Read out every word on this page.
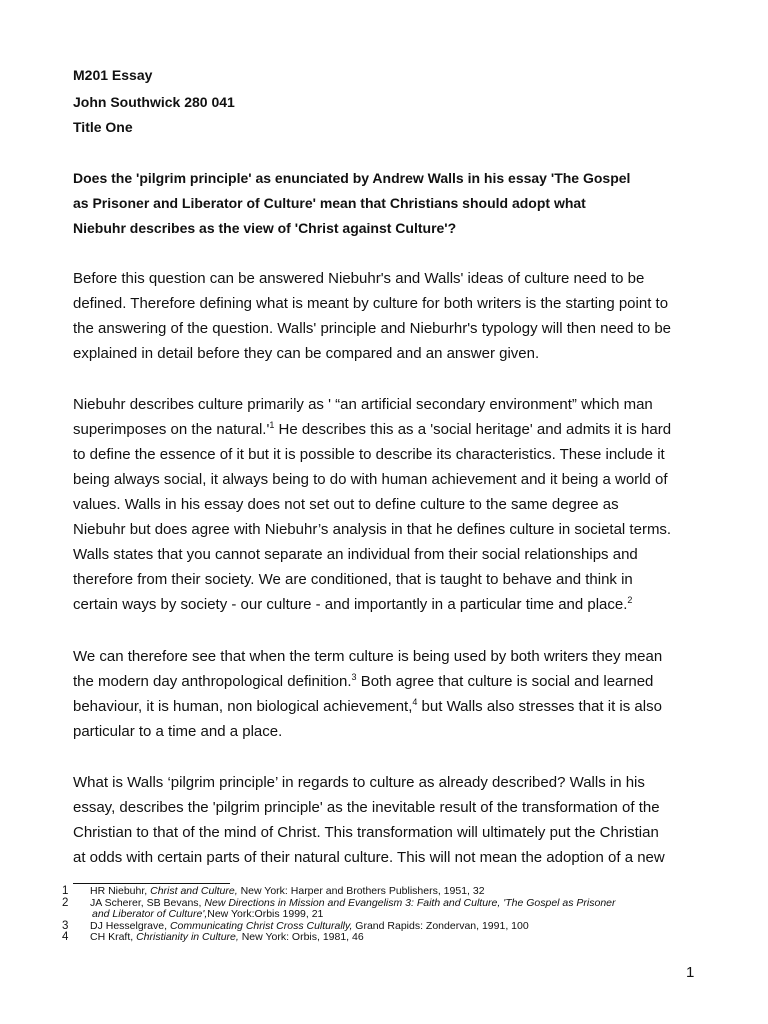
M201 Essay
John Southwick 280 041
Title One
Does the 'pilgrim principle' as enunciated by Andrew Walls in his essay 'The Gospel
as Prisoner and Liberator of Culture' mean that Christians should adopt what
Niebuhr describes as the view of 'Christ against Culture'?
Before this question can be answered Niebuhr's and Walls' ideas of culture need to be
defined. Therefore defining what is meant by culture for both writers is the starting point to
the answering of the question. Walls' principle and Nieburhr's typology will then need to be
explained in detail before they can be compared and an answer given.
Niebuhr describes culture primarily as ' “an artificial secondary environment” which man
superimposes on the $natural.'^1$ He describes this as a 'social heritage' and admits it is hard
to define the essence of it but it is possible to describe its characteristics. These include it
being always social, it always being to do with human achievement and it being a world of
values. Walls in his essay does not set out to define culture to the same degree as
Niebuhr but does agree with Niebuhr’s analysis in that he defines culture in societal terms.
Walls states that you cannot separate an individual from their social relationships and
therefore from their society. We are conditioned, that is taught to behave and think in
certain ways by society - our culture - and importantly in a particular time and place.$^2$
We can therefore see that when the term culture is being used by both writers they mean
the modern day anthropological definition.$^3$ Both agree that culture is social and learned
behaviour, it is human, non biological achievement,$^4$ but Walls also stresses that it is also
particular to a time and a place.
What is Walls ‘pilgrim principle’ in regards to culture as already described? Walls in his
essay, describes the 'pilgrim principle' as the inevitable result of the transformation of the
Christian to that of the mind of Christ. This transformation will ultimately put the Christian
at odds with certain parts of their natural culture. This will not mean the adoption of a new
1	HR Niebuhr, Christ and Culture, New York: Harper and Brothers Publishers, 1951, 32
2	JA Scherer, SB Bevans, New Directions in Mission and Evangelism 3: Faith and Culture, 'The Gospel as Prisoner
and Liberator of Culture', New York:Orbis 1999, 21
3	DJ Hesselgrave, Communicating Christ Cross Culturally, Grand Rapids: Zondervan, 1991, 100
4	CH Kraft, Christianity in Culture, New York: Orbis, 1981, 46
1
